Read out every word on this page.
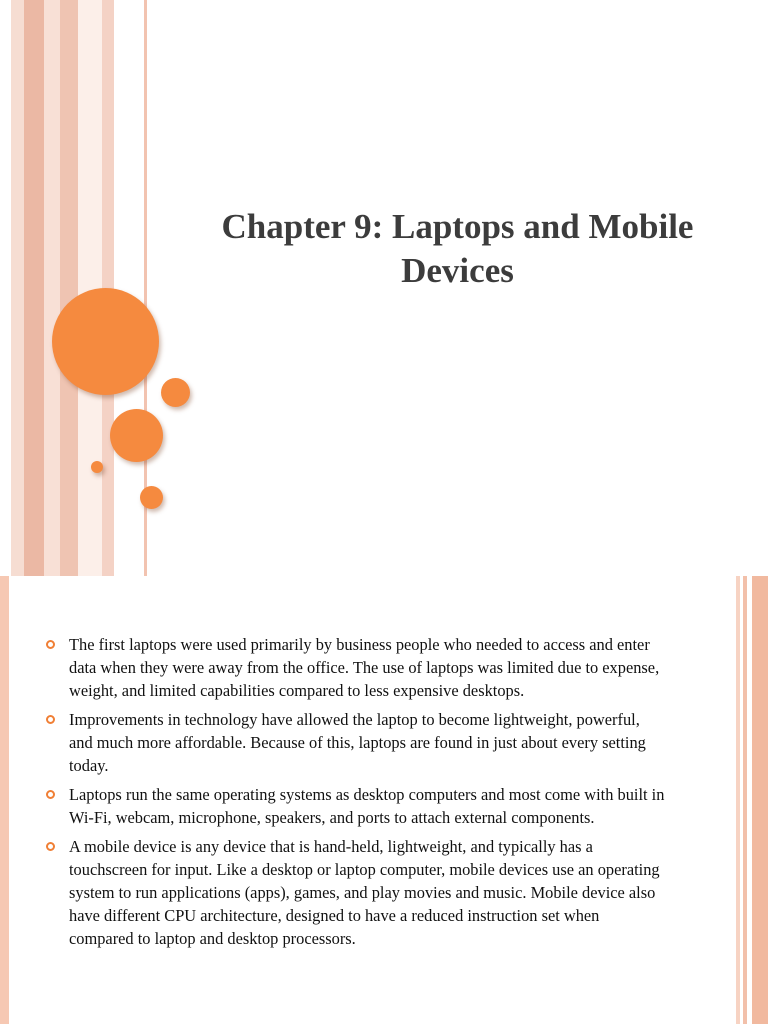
Chapter 9: Laptops and Mobile Devices
The first laptops were used primarily by business people who needed to access and enter data when they were away from the office. The use of laptops was limited due to expense, weight, and limited capabilities compared to less expensive desktops.
Improvements in technology have allowed the laptop to become lightweight, powerful, and much more affordable. Because of this, laptops are found in just about every setting today.
Laptops run the same operating systems as desktop computers and most come with built in Wi-Fi, webcam, microphone, speakers, and ports to attach external components.
A mobile device is any device that is hand-held, lightweight, and typically has a touchscreen for input. Like a desktop or laptop computer, mobile devices use an operating system to run applications (apps), games, and play movies and music. Mobile device also have different CPU architecture, designed to have a reduced instruction set when compared to laptop and desktop processors.
